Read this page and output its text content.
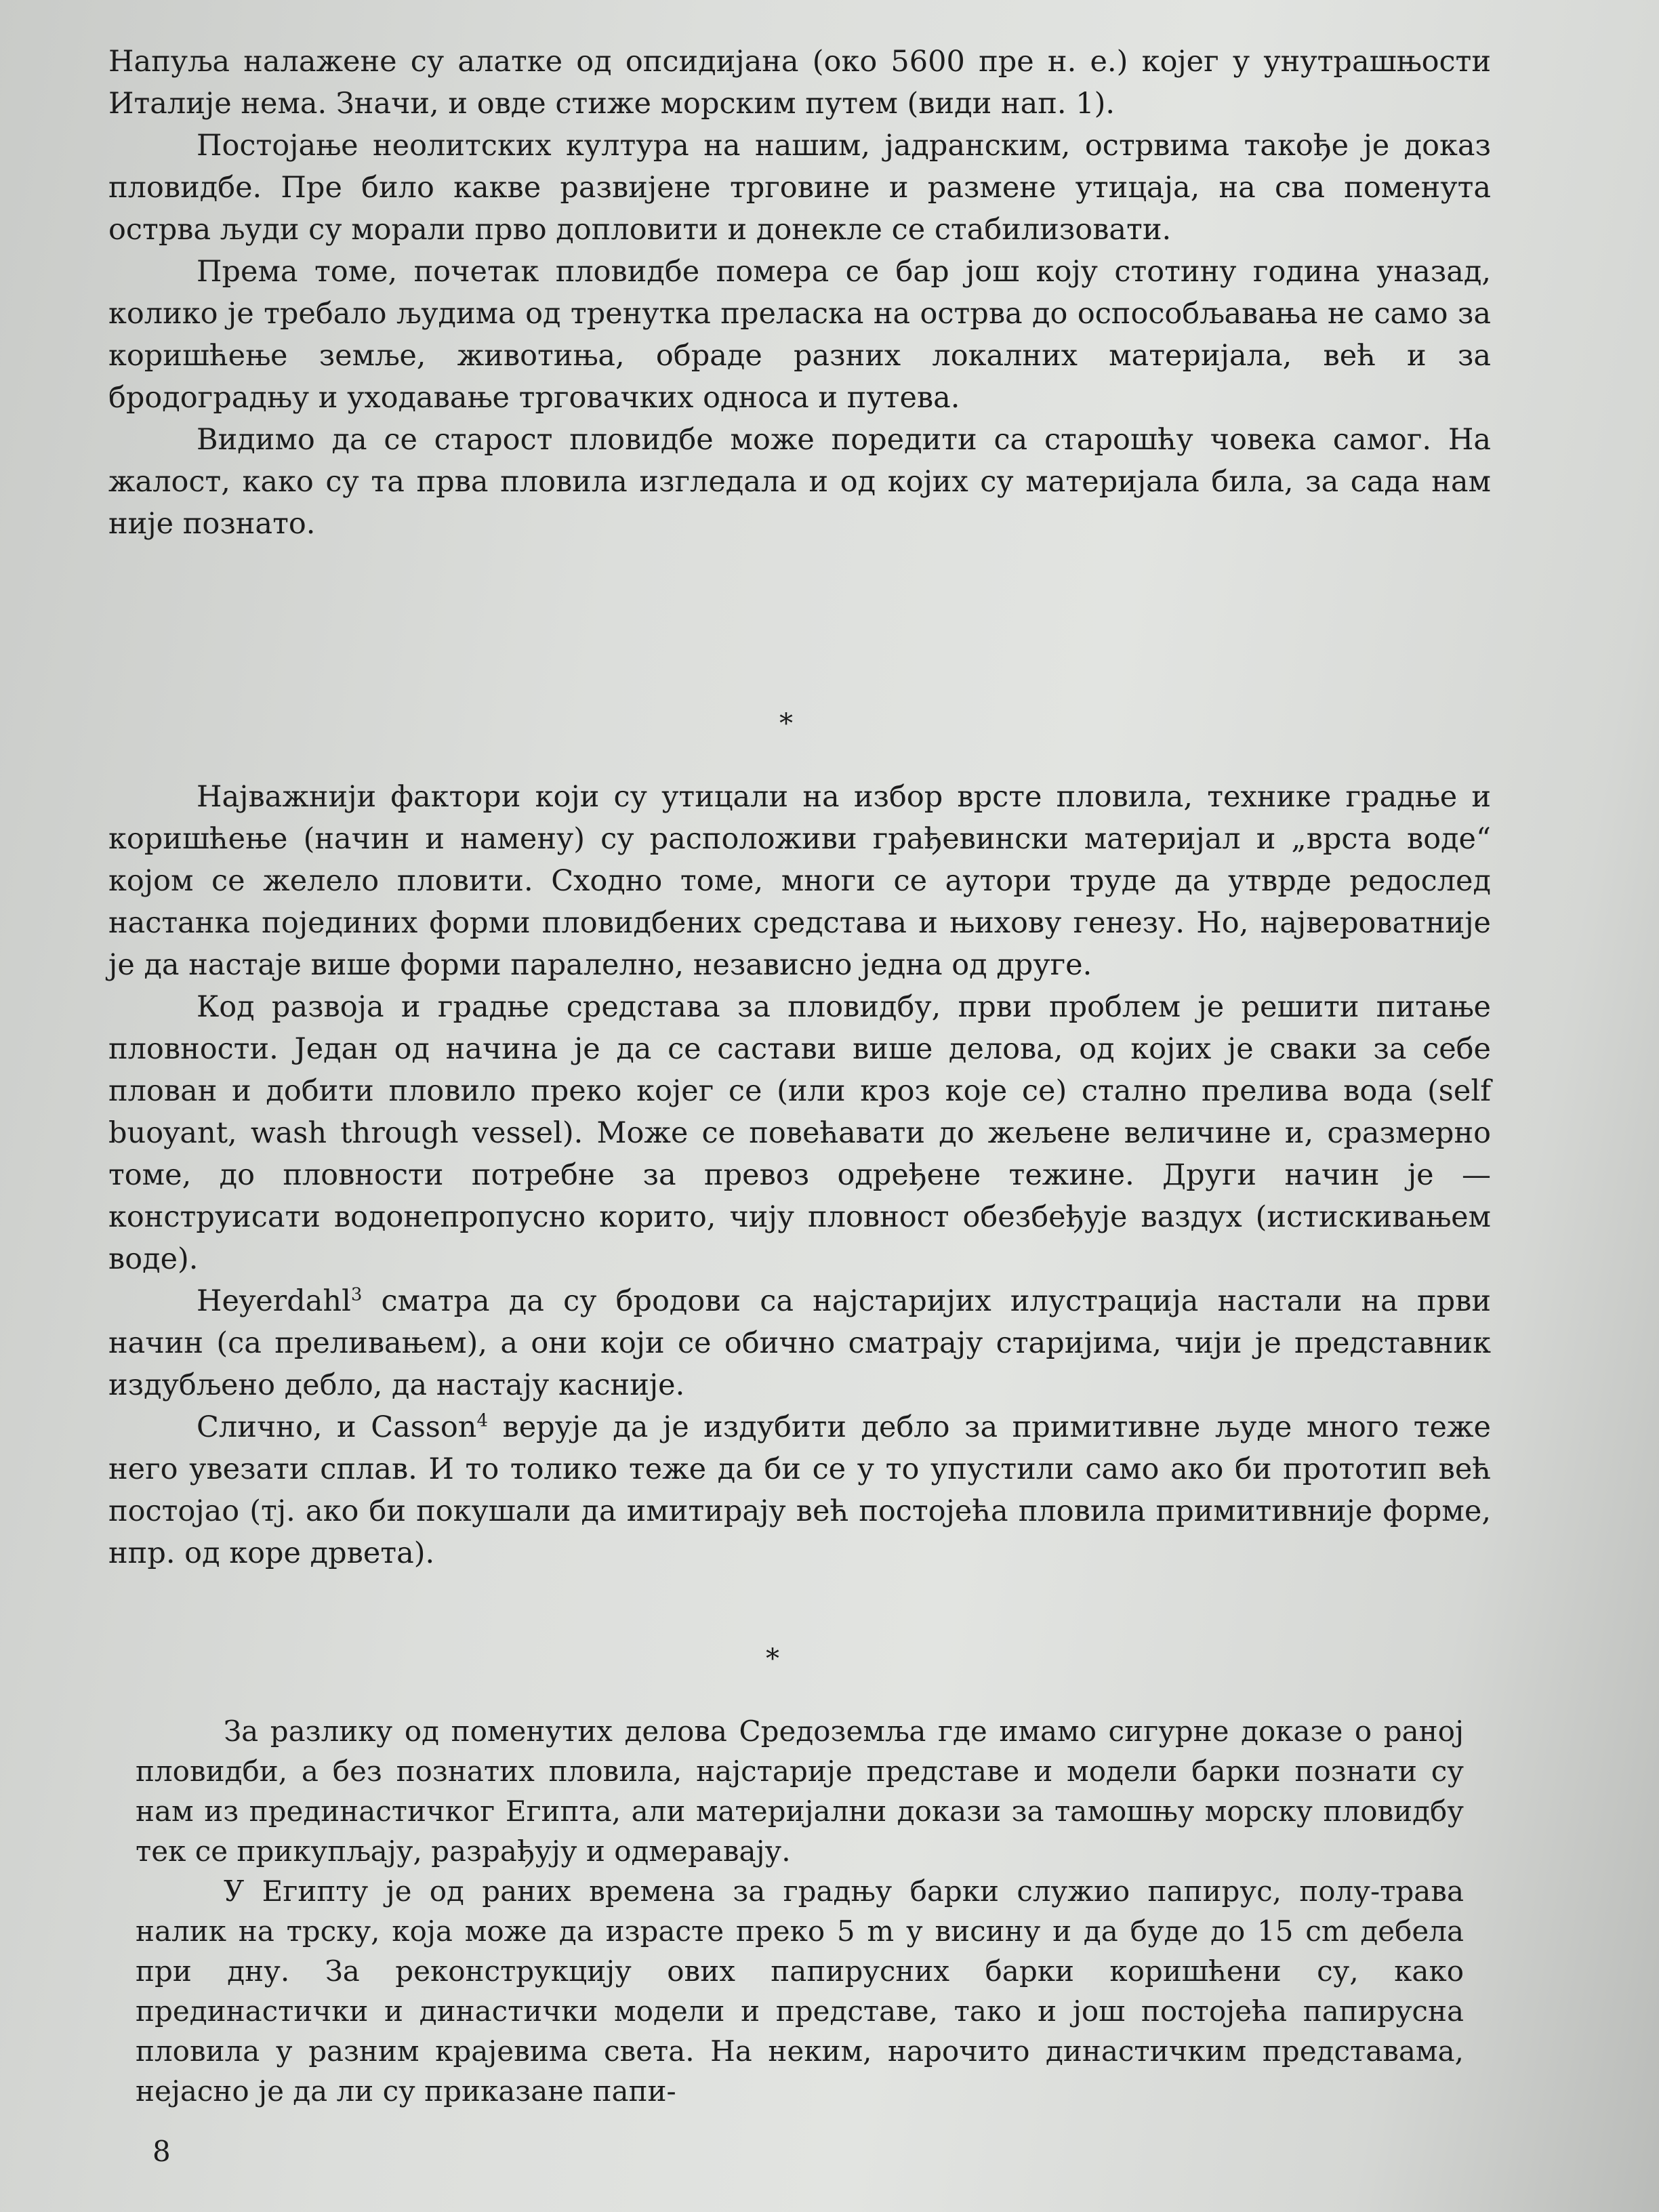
Напуља налажене су алатке од опсидијана (око 5600 пре н. е.) којег у унутрашњости Италије нема. Значи, и овде стиже морским путем (види нап. 1).

Постојање неолитских култура на нашим, јадранским, острвима такође је доказ пловидбе. Пре било какве развијене трговине и размене утицаја, на сва поменута острва људи су морали прво допловити и донекле се стабилизовати.

Према томе, почетак пловидбе помера се бар још коју стотину година уназад, колико је требало људима од тренутка преласка на острва до оспособљавања не само за коришћење земље, животиња, обраде разних локалних материјала, већ и за бродоградњу и уходавање трговачких односа и путева.

Видимо да се старост пловидбе може поредити са старошћу човека самог. На жалост, како су та прва пловила изгледала и од којих су материјала била, за сада нам није познато.

*

Најважнији фактори који су утицали на избор врсте пловила, технике градње и коришћење (начин и намену) су расположиви грађевински материјал и „врста воде“ којом се желело пловити. Сходно томе, многи се аутори труде да утврде редослед настанка појединих форми пловидбених средстава и њихову генезу. Но, највероватније је да настаје више форми паралелно, независно једна од друге.

Код развоја и градње средстава за пловидбу, први проблем је решити питање пловности. Један од начина је да се састави више делова, од којих је сваки за себе плован и добити пловило преко којег се (или кроз које се) стално прелива вода (self buoyant, wash through vessel). Може се повећавати до жељене величине и, сразмерно томе, до пловности потребне за превоз одређене тежине. Други начин је — конструисати водонепропусно корито, чију пловност обезбеђује ваздух (истискивањем воде).

Heyerdahl$^3$ сматра да су бродови са најстаријих илустрација настали на први начин (са преливањем), а они који се обично сматрају старијима, чији је представник издубљено дебло, да настају касније.

Слично, и Casson$^4$ верује да је издубити дебло за примитивне људе много теже него увезати сплав. И то толико теже да би се у то упустили само ако би прототип већ постојао (тј. ако би покушали да имитирају већ постојећа пловила примитивније форме, нпр. од коре дрвета).

*

За разлику од поменутих делова Средоземља где имамо сигурне доказе о раној пловидби, а без познатих пловила, најстарије представе и модели барки познати су нам из прединастичког Египта, али материјални докази за тамошњу морску пловидбу тек се прикупљају, разрађују и одмеравају.

У Египту је од раних времена за градњу барки служио папирус, полу-трава налик на трску, која може да израсте преко 5 m у висину и да буде до 15 cm дебела при дну. За реконструкцију ових папирусних барки коришћени су, како прединастички и династички модели и представе, тако и још постојећа папирусна пловила у разним крајевима света. На неким, нарочито династичким представама, нејасно је да ли су приказане папи-

8
